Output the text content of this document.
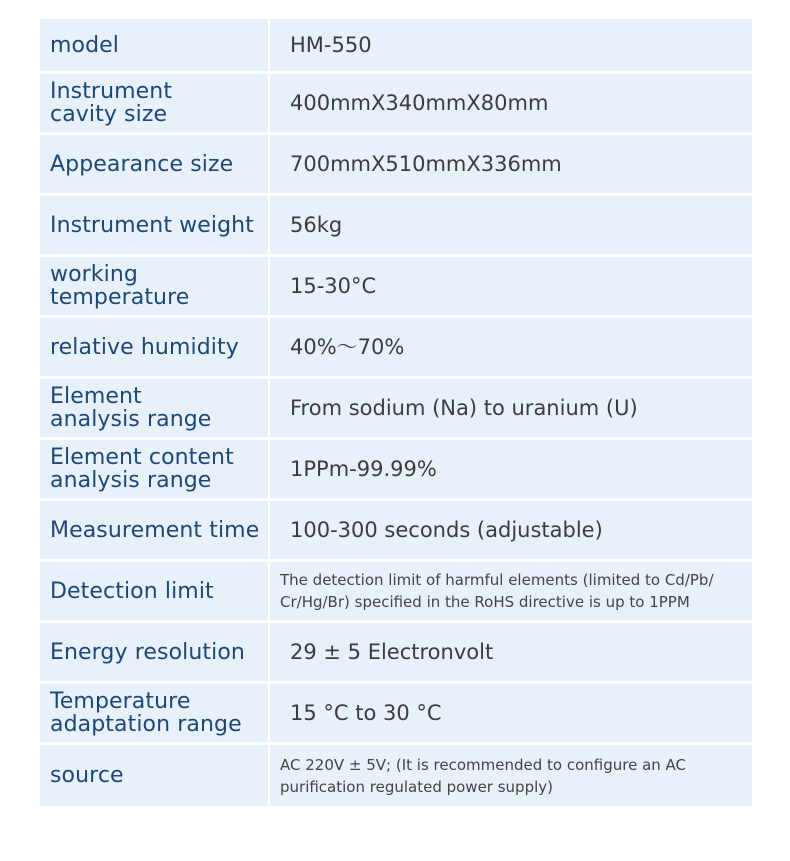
model	HM-550
Instrument
cavity size	400mmX340mmX80mm
Appearance size	700mmX510mmX336mm
Instrument weight 56kg
working
temperature	15-30°C
relative humidity 40%～70%
Element
analysis range	From sodium (Na) to uranium (U)
Element content
analysis range	1PPm-99.99%
Measurement time 100-300 seconds (adjustable)
Detection limit	The detection limit of harmful elements (limited to Cd/Pb/
Cr/Hg/Br) specified in the RoHS directive is up to 1PPM
Energy resolution 29 ± 5 Electronvolt
Temperature
adaptation range 15 °C to 30 °C
source	AC 220V ± 5V; (It is recommended to configure an AC
purification regulated power supply)
